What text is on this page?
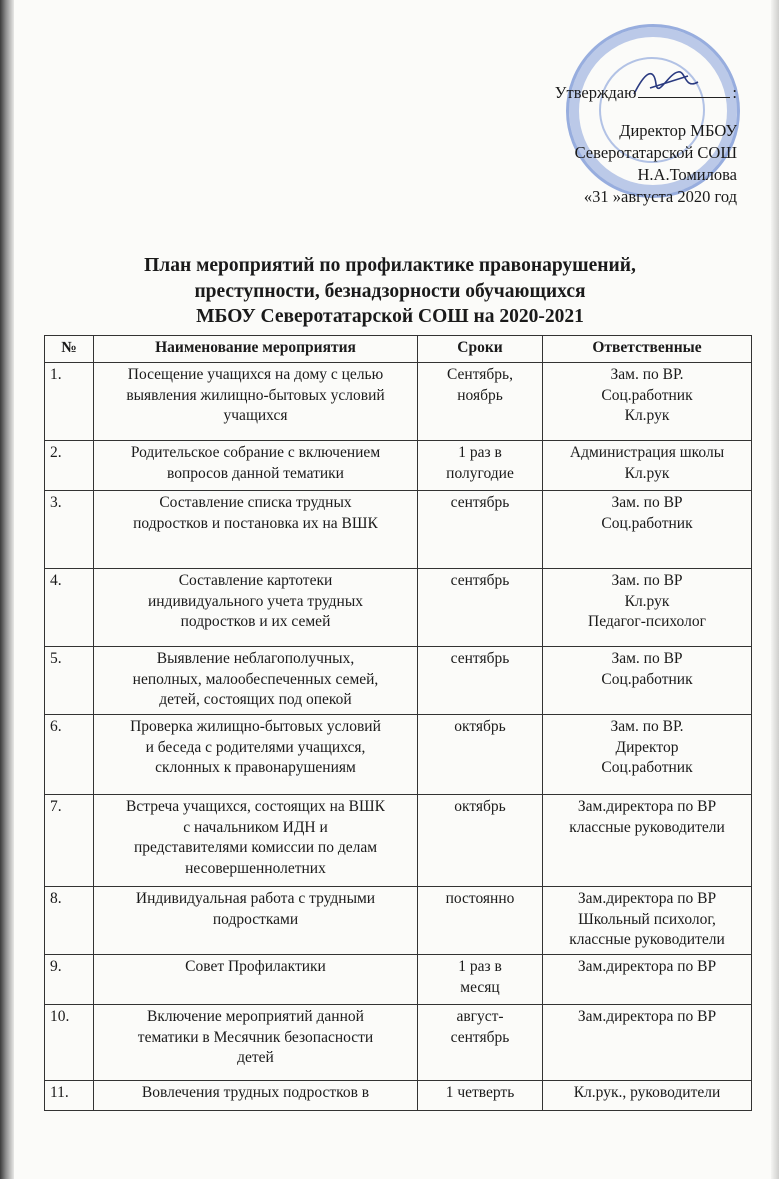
Утверждаю	:
Директор МБОУ
Северотатарской СОШ
Н.А.Томилова
«31 »августа 2020 год
План мероприятий по профилактике правонарушений,
преступности, безнадзорности обучающихся
МБОУ Северотатарской СОШ на 2020-2021
№	Наименование мероприятия	Сроки	Ответственные
1.	Посещение учащихся на дому с целью
выявления жилищно-бытовых условий
учащихся	Сентябрь,
ноябрь	Зам. по ВР.
Соц.работник
Кл.рук

2.	Родительское собрание с включением
вопросов данной тематики	1 раз в
полугодие	Администрация школы
Кл.рук

3.	Составление списка трудных
подростков и постановка их на ВШК	сентябрь	Зам. по ВР
Соц.работник

4.	Составление картотеки
индивидуального учета трудных
подростков и их семей	сентябрь	Зам. по ВР
Кл.рук
Педагог-психолог

5.	Выявление неблагополучных,
неполных, малообеспеченных семей,
детей, состоящих под опекой	сентябрь	Зам. по ВР
Соц.работник

6.	Проверка жилищно-бытовых условий
и беседа с родителями учащихся,
склонных к правонарушениям	октябрь	Зам. по ВР.
Директор
Соц.работник

7.	Встреча учащихся, состоящих на ВШК
с начальником ИДН и
представителями комиссии по делам
несовершеннолетних	октябрь	Зам.директора по ВР
классные руководители

8.	Индивидуальная работа с трудными
подростками	постоянно	Зам.директора по ВР
Школьный психолог,
классные руководители

9.	Совет Профилактики	1 раз в
месяц	Зам.директора по ВР

10.	Включение мероприятий данной
тематики в Месячник безопасности
детей	август-
сентябрь	Зам.директора по ВР

11.	Вовлечения трудных подростков в	1 четверть	Кл.рук., руководители
